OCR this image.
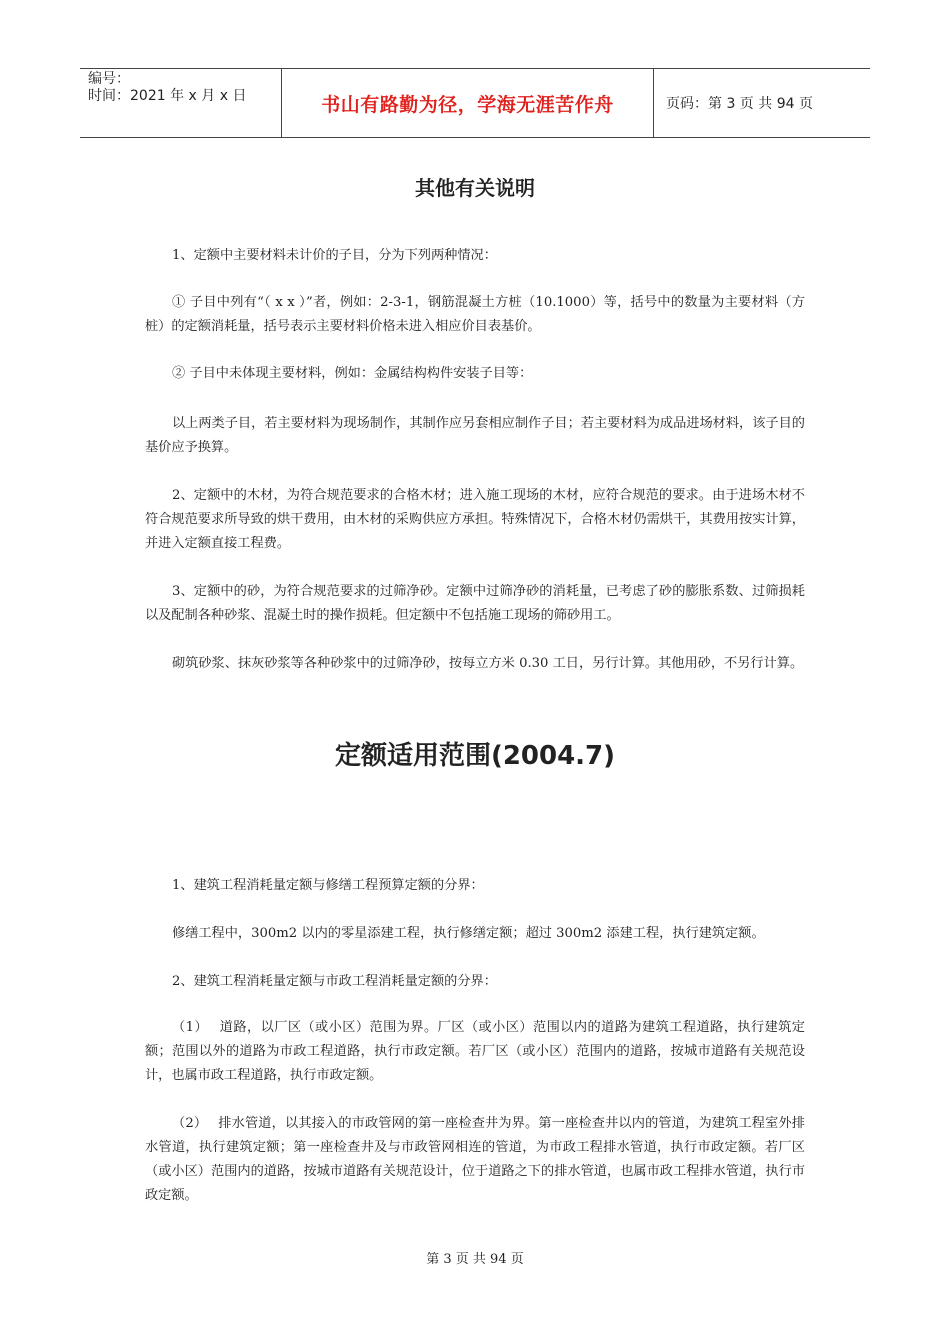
编号：
时间：2021 年 x 月 x 日	书山有路勤为径，学海无涯苦作舟	页码：第 3 页 共 94 页
其他有关说明

1、定额中主要材料未计价的子目，分为下列两种情况：

① 子目中列有“（ x x ）”者，例如：2-3-1，钢筋混凝土方桩（10.1000）等，括号中的数量为主要材料（方桩）的定额消耗量，括号表示主要材料价格未进入相应价目表基价。

② 子目中未体现主要材料，例如：金属结构构件安装子目等：

以上两类子目，若主要材料为现场制作，其制作应另套相应制作子目；若主要材料为成品进场材料，该子目的基价应予换算。

2、定额中的木材，为符合规范要求的合格木材；进入施工现场的木材，应符合规范的要求。由于进场木材不符合规范要求所导致的烘干费用，由木材的采购供应方承担。特殊情况下，合格木材仍需烘干，其费用按实计算，并进入定额直接工程费。

3、定额中的砂，为符合规范要求的过筛净砂。定额中过筛净砂的消耗量，已考虑了砂的膨胀系数、过筛损耗以及配制各种砂浆、混凝土时的操作损耗。但定额中不包括施工现场的筛砂用工。

砌筑砂浆、抹灰砂浆等各种砂浆中的过筛净砂，按每立方米 0.30 工日，另行计算。其他用砂，不另行计算。

定额适用范围(2004.7)

1、建筑工程消耗量定额与修缮工程预算定额的分界：

修缮工程中，300m2 以内的零星添建工程，执行修缮定额；超过 300m2 添建工程，执行建筑定额。

2、建筑工程消耗量定额与市政工程消耗量定额的分界：

（1）　 道路，以厂区（或小区）范围为界。厂区（或小区）范围以内的道路为建筑工程道路，执行建筑定额；范围以外的道路为市政工程道路，执行市政定额。若厂区（或小区）范围内的道路，按城市道路有关规范设计，也属市政工程道路，执行市政定额。

（2）　 排水管道，以其接入的市政管网的第一座检查井为界。第一座检查井以内的管道，为建筑工程室外排水管道，执行建筑定额；第一座检查井及与市政管网相连的管道，为市政工程排水管道，执行市政定额。若厂区（或小区）范围内的道路，按城市道路有关规范设计，位于道路之下的排水管道，也属市政工程排水管道，执行市政定额。

第 3 页 共 94 页
